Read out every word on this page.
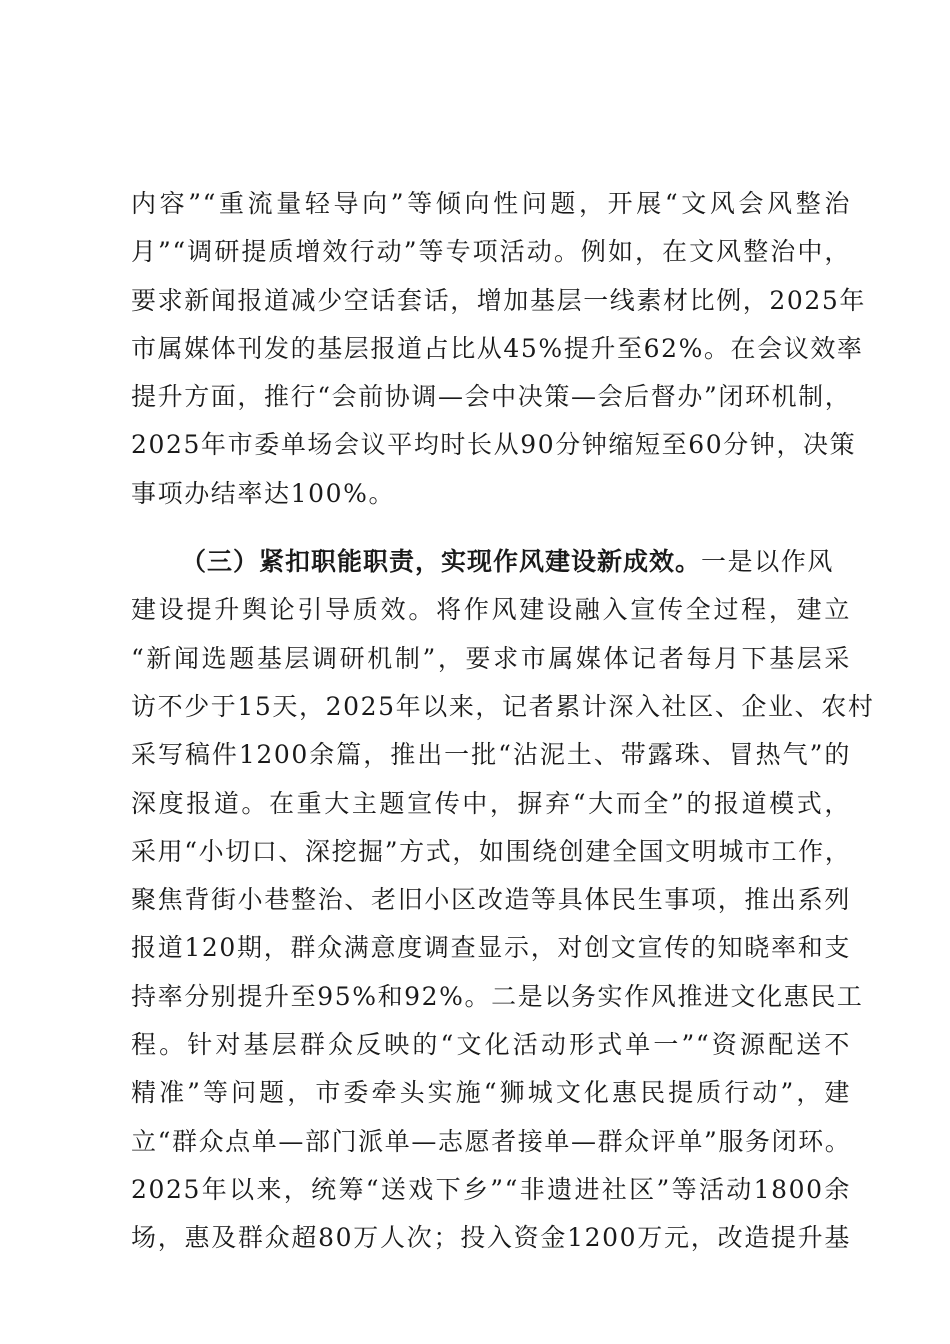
内容”“重流量轻导向”等倾向性问题，开展“文风会风整治
月”“调研提质增效行动”等专项活动。例如，在文风整治中，
要求新闻报道减少空话套话，增加基层一线素材比例，2025年
市属媒体刊发的基层报道占比从45%提升至62%。在会议效率
提升方面，推行“会前协调—会中决策—会后督办”闭环机制，
2025年市委单场会议平均时长从90分钟缩短至60分钟，决策
事项办结率达100%。
（三）紧扣职能职责，实现作风建设新成效。一是以作风
建设提升舆论引导质效。将作风建设融入宣传全过程，建立
“新闻选题基层调研机制”，要求市属媒体记者每月下基层采
访不少于15天，2025年以来，记者累计深入社区、企业、农村
采写稿件1200余篇，推出一批“沾泥土、带露珠、冒热气”的
深度报道。在重大主题宣传中，摒弃“大而全”的报道模式，
采用“小切口、深挖掘”方式，如围绕创建全国文明城市工作，
聚焦背街小巷整治、老旧小区改造等具体民生事项，推出系列
报道120期，群众满意度调查显示，对创文宣传的知晓率和支
持率分别提升至95%和92%。二是以务实作风推进文化惠民工
程。针对基层群众反映的“文化活动形式单一”“资源配送不
精准”等问题，市委牵头实施“狮城文化惠民提质行动”，建
立“群众点单—部门派单—志愿者接单—群众评单”服务闭环。
2025年以来，统筹“送戏下乡”“非遗进社区”等活动1800余
场，惠及群众超80万人次；投入资金1200万元，改造提升基
